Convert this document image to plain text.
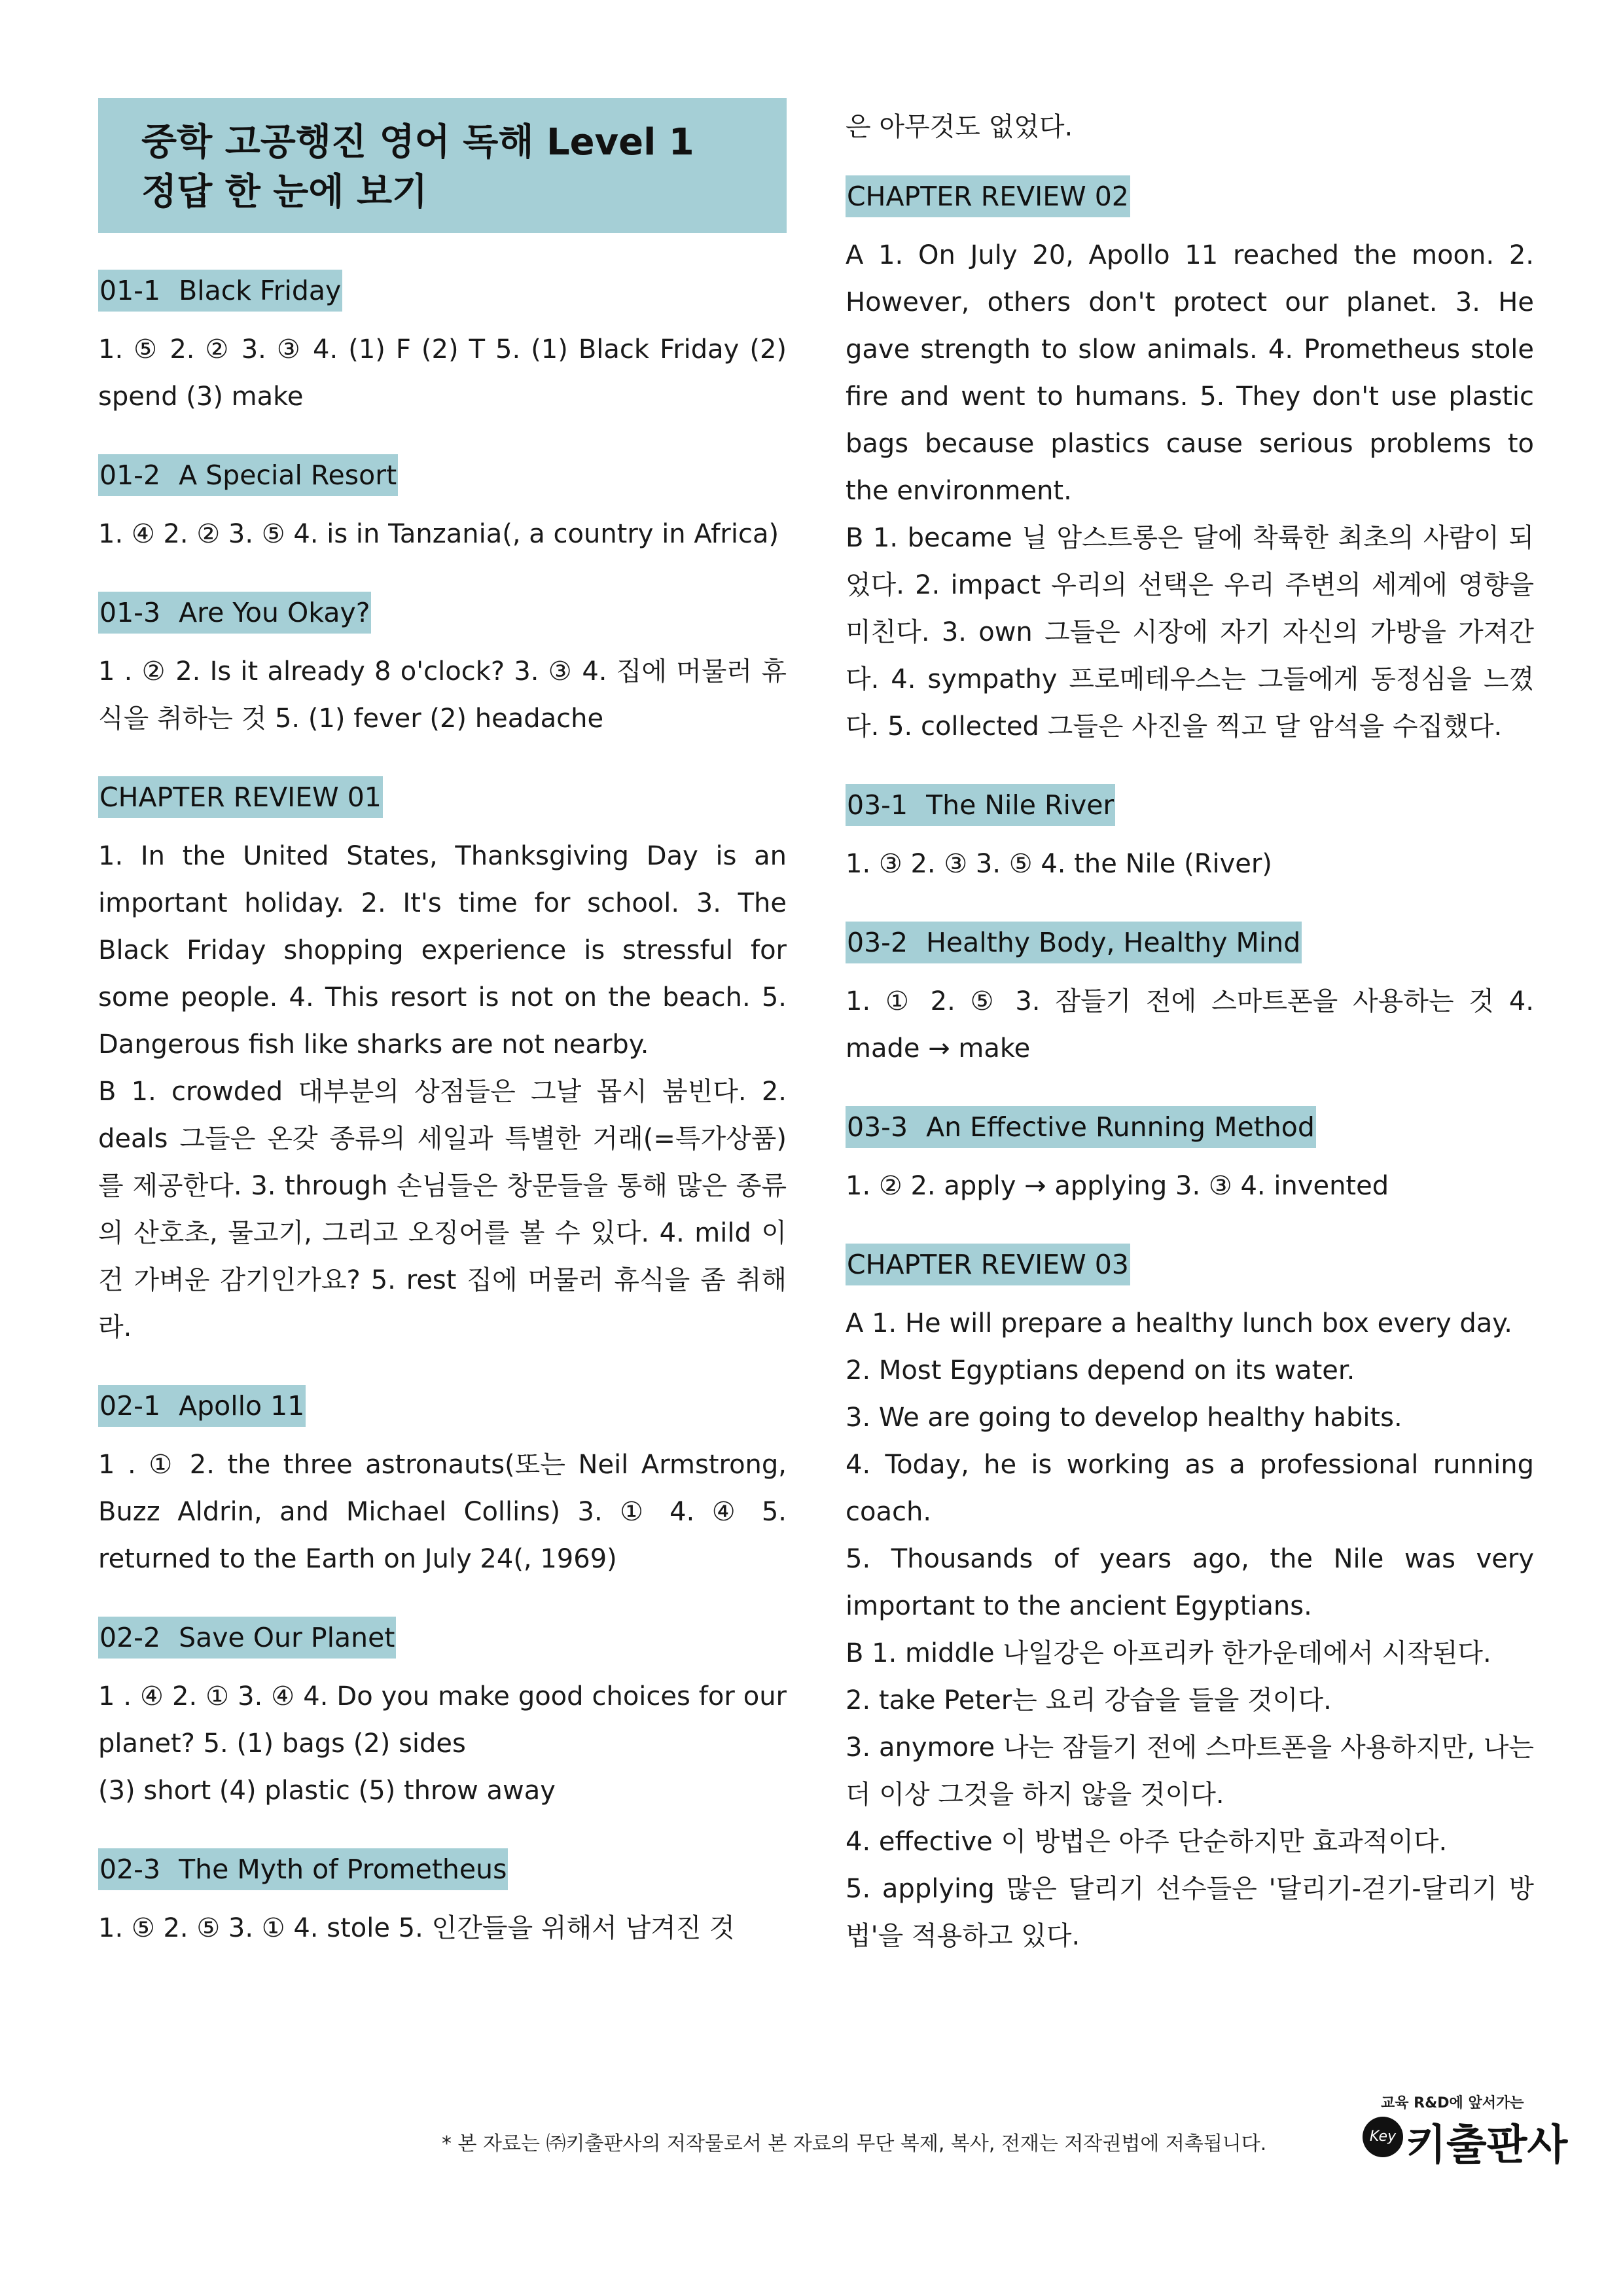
중학 고공행진 영어 독해 Level 1
정답 한 눈에 보기
01-1 Black Friday

1. ⑤ 2. ② 3. ③ 4. (1) F (2) T 5. (1) Black Friday (2) spend (3) make

01-2 A Special Resort

1. ④ 2. ② 3. ⑤ 4. is in Tanzania(, a country in Africa)

01-3 Are You Okay?

1 . ② 2. Is it already 8 o'clock? 3. ③ 4. 집에 머물러 휴식을 취하는 것 5. (1) fever (2) headache

CHAPTER REVIEW 01

1. In the United States, Thanksgiving Day is an important holiday. 2. It's time for school. 3. The Black Friday shopping experience is stressful for some people. 4. This resort is not on the beach. 5. Dangerous fish like sharks are not nearby.

B 1. crowded 대부분의 상점들은 그날 몹시 붐빈다. 2. deals 그들은 온갖 종류의 세일과 특별한 거래(=특가상품)를 제공한다. 3. through 손님들은 창문들을 통해 많은 종류의 산호초, 물고기, 그리고 오징어를 볼 수 있다. 4. mild 이건 가벼운 감기인가요? 5. rest 집에 머물러 휴식을 좀 취해라.

02-1 Apollo 11

1 . ① 2. the three astronauts(또는 Neil Armstrong, Buzz Aldrin, and Michael Collins) 3. ① 4. ④ 5. returned to the Earth on July 24(, 1969)

02-2 Save Our Planet

1 . ④ 2. ① 3. ④ 4. Do you make good choices for our planet? 5. (1) bags (2) sides

(3) short (4) plastic (5) throw away

02-3 The Myth of Prometheus

1. ⑤ 2. ⑤ 3. ① 4. stole 5. 인간들을 위해서 남겨진 것

은 아무것도 없었다.

CHAPTER REVIEW 02

A 1. On July 20, Apollo 11 reached the moon. 2. However, others don't protect our planet. 3. He gave strength to slow animals. 4. Prometheus stole fire and went to humans. 5. They don't use plastic bags because plastics cause serious problems to the environment.

B 1. became 닐 암스트롱은 달에 착륙한 최초의 사람이 되었다. 2. impact 우리의 선택은 우리 주변의 세계에 영향을 미친다. 3. own 그들은 시장에 자기 자신의 가방을 가져간다. 4. sympathy 프로메테우스는 그들에게 동정심을 느꼈다. 5. collected 그들은 사진을 찍고 달 암석을 수집했다.

03-1 The Nile River

1. ③ 2. ③ 3. ⑤ 4. the Nile (River)

03-2 Healthy Body, Healthy Mind

1. ① 2. ⑤ 3. 잠들기 전에 스마트폰을 사용하는 것 4. made → make

03-3 An Effective Running Method

1. ② 2. apply → applying 3. ③ 4. invented

CHAPTER REVIEW 03

A 1. He will prepare a healthy lunch box every day.

2. Most Egyptians depend on its water.

3. We are going to develop healthy habits.

4. Today, he is working as a professional running coach.

5. Thousands of years ago, the Nile was very important to the ancient Egyptians.

B 1. middle 나일강은 아프리카 한가운데에서 시작된다.

2. take Peter는 요리 강습을 들을 것이다.

3. anymore 나는 잠들기 전에 스마트폰을 사용하지만, 나는 더 이상 그것을 하지 않을 것이다.

4. effective 이 방법은 아주 단순하지만 효과적이다.

5. applying 많은 달리기 선수들은 '달리기-걷기-달리기 방법'을 적용하고 있다.

* 본 자료는 ㈜키출판사의 저작물로서 본 자료의 무단 복제, 복사, 전재는 저작권법에 저촉됩니다.
교육 R&D에 앞서가는
Key 키출판사
